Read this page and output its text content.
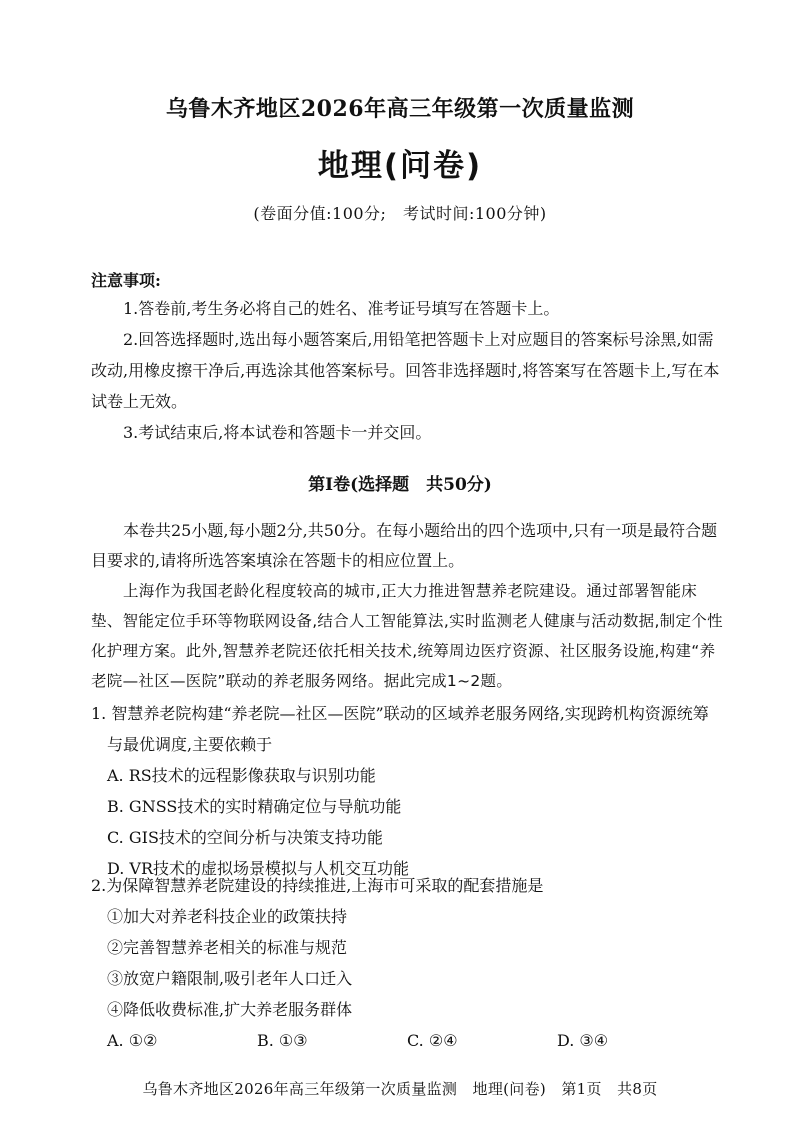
乌鲁木齐地区2026年高三年级第一次质量监测
地理(问卷)
(卷面分值:100分;　考试时间:100分钟)
注意事项:

1.答卷前,考生务必将自己的姓名、准考证号填写在答题卡上。

2.回答选择题时,选出每小题答案后,用铅笔把答题卡上对应题目的答案标号涂黑,如需改动,用橡皮擦干净后,再选涂其他答案标号。回答非选择题时,将答案写在答题卡上,写在本试卷上无效。

3.考试结束后,将本试卷和答题卡一并交回。

第Ⅰ卷(选择题　共50分)

本卷共25小题,每小题2分,共50分。在每小题给出的四个选项中,只有一项是最符合题目要求的,请将所选答案填涂在答题卡的相应位置上。

上海作为我国老龄化程度较高的城市,正大力推进智慧养老院建设。通过部署智能床垫、智能定位手环等物联网设备,结合人工智能算法,实时监测老人健康与活动数据,制定个性化护理方案。此外,智慧养老院还依托相关技术,统筹周边医疗资源、社区服务设施,构建“养老院—社区—医院”联动的养老服务网络。据此完成1~2题。

1. 智慧养老院构建“养老院—社区—医院”联动的区域养老服务网络,实现跨机构资源统筹与最优调度,主要依赖于

A. RS技术的远程影像获取与识别功能

B. GNSS技术的实时精确定位与导航功能

C. GIS技术的空间分析与决策支持功能

D. VR技术的虚拟场景模拟与人机交互功能

2.为保障智慧养老院建设的持续推进,上海市可采取的配套措施是

①加大对养老科技企业的政策扶持

②完善智慧养老相关的标准与规范

③放宽户籍限制,吸引老年人口迁入

④降低收费标准,扩大养老服务群体

A. ①②	B. ①③	C. ②④	D. ③④
乌鲁木齐地区2026年高三年级第一次质量监测　地理(问卷)　第1页　共8页
